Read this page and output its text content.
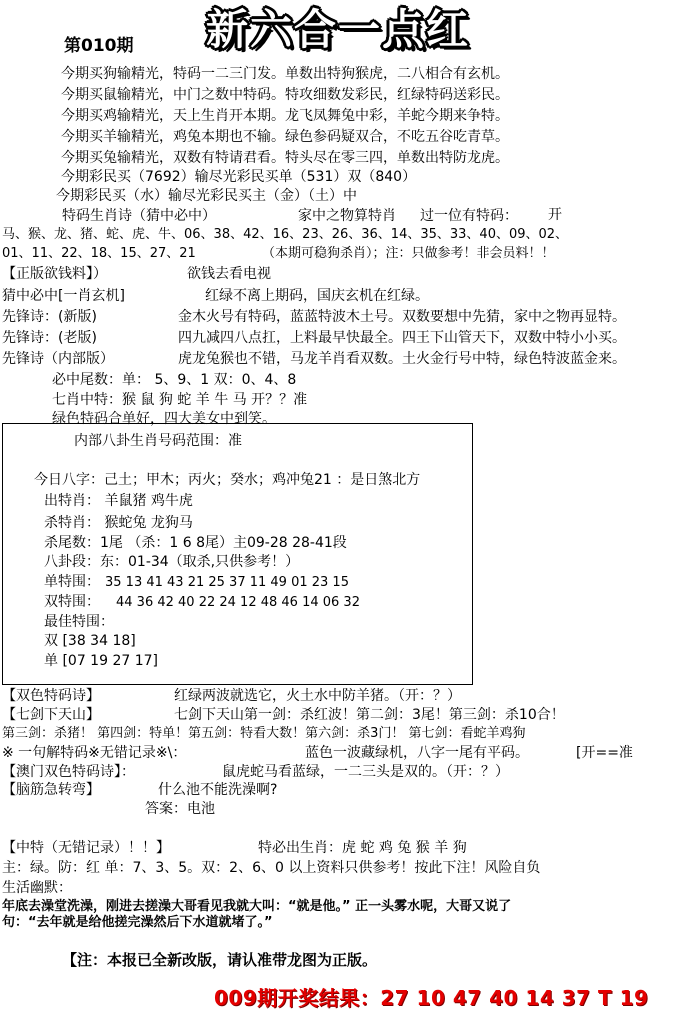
第010期	新六合一点红
今期买狗输精光，特码一二三门发。单数出特狗猴虎，二八相合有玄机。
今期买鼠输精光，中门之数中特码。特攻细数发彩民，红绿特码送彩民。
今期买鸡输精光，天上生肖开本期。龙飞凤舞兔中彩，羊蛇今期来争特。
今期买羊输精光，鸡兔本期也不输。绿色参码疑双合，不吃五谷吃青草。
今期买兔输精光，双数有特请君看。特头尽在零三四，单数出特防龙虎。
今期彩民买（7692）输尽光彩民买单（531）双（840）
今期彩民买（水）输尽光彩民买主（金）（土）中
特码生肖诗（猜中必中）	家中之物算特肖 过一位有特码： 开
马、猴、龙、猪、蛇、虎、牛、06、38、42、16、23、26、36、14、35、33、40、09、02、
01、11、22、18、15、27、21	（本期可稳狗杀肖）；注：只做参考！非会员料！！
【正版欲钱料】）	欲钱去看电视
猜中必中[一肖玄机]	红绿不离上期码，国庆玄机在红绿。
先锋诗：(新版)	金木火号有特码，蓝蓝特波木土号。双数要想中先猜，家中之物再显特。
先锋诗：(老版)	四九减四八点扛，上料最早快最全。四王下山管天下，双数中特小小买。
先锋诗（内部版）	虎龙兔猴也不错，马龙羊肖看双数。土火金行号中特，绿色特波蓝金来。
必中尾数：单： 5、9、1 双：0、4、8
七肖中特：猴 鼠 狗 蛇 羊 牛 马 开？？准
绿色特码合单好，四大美女中到笑。
内部八卦生肖号码范围：准
今日八字：己土；甲木；丙火；癸水；鸡冲兔21 ：是日煞北方
出特肖： 羊鼠猪 鸡牛虎
杀特肖： 猴蛇兔 龙狗马
杀尾数：1尾 （杀：1 6 8尾）主09-28 28-41段
八卦段：东：01-34（取杀,只供参考！）
单特围： 35 13 41 43 21 25 37 11 49 01 23 15
双特围： 44 36 42 40 22 24 12 48 46 14 06 32
最佳特围：
双 [38 34 18]
单 [07 19 27 17]
【双色特码诗】	红绿两波就选它，火土水中防羊猪。（开：？）
【七剑下天山】	七剑下天山第一剑：杀红波！第二剑：3尾！第三剑：杀10合！
第三剑：杀猪！ 第四剑：特单！第五剑：特看大数！第六剑：杀3门！ 第七剑：看蛇羊鸡狗
※ 一句解特码※无错记录※\：	蓝色一波藏绿机，八字一尾有平码。	[开==准
【澳门双色特码诗】：	鼠虎蛇马看蓝绿，一二三头是双的。（开：？）
【脑筋急转弯】	什么池不能洗澡啊?
答案：电池
【中特（无错记录）！！】	特必出生肖：虎 蛇 鸡 兔 猴 羊 狗
主：绿。防：红 单：7、3、5。双：2、6、0 以上资料只供参考！按此下注！风险自负
生活幽默：
年底去澡堂洗澡，刚进去搓澡大哥看见我就大叫：“就是他。” 正一头雾水呢，大哥又说了
句：“去年就是给他搓完澡然后下水道就堵了。”
【注：本报已全新改版，请认准带龙图为正版。
009期开奖结果：27 10 47 40 14 37 T 19
